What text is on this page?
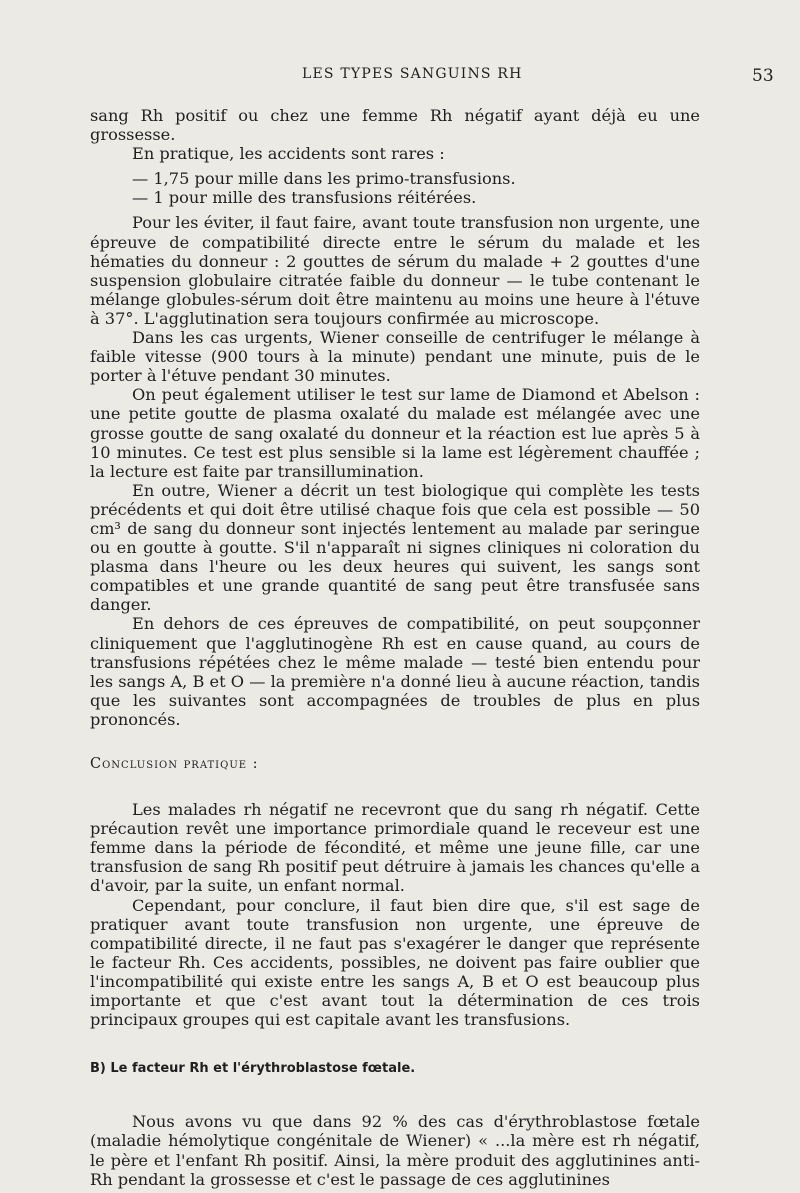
LES TYPES SANGUINS RH	53

sang Rh positif ou chez une femme Rh négatif ayant déjà eu une grossesse.

En pratique, les accidents sont rares :

— 1,75 pour mille dans les primo-transfusions.

— 1 pour mille des transfusions réitérées.

Pour les éviter, il faut faire, avant toute transfusion non urgente, une épreuve de compatibilité directe entre le sérum du malade et les hématies du donneur : 2 gouttes de sérum du malade + 2 gouttes d'une suspension globulaire citratée faible du donneur — le tube contenant le mélange globules-sérum doit être maintenu au moins une heure à l'étuve à 37°. L'agglutination sera toujours confirmée au microscope.

Dans les cas urgents, Wiener conseille de centrifuger le mélange à faible vitesse (900 tours à la minute) pendant une minute, puis de le porter à l'étuve pendant 30 minutes.

On peut également utiliser le test sur lame de Diamond et Abelson : une petite goutte de plasma oxalaté du malade est mélangée avec une grosse goutte de sang oxalaté du donneur et la réaction est lue après 5 à 10 minutes. Ce test est plus sensible si la lame est légèrement chauffée ; la lecture est faite par transillumination.

En outre, Wiener a décrit un test biologique qui complète les tests précédents et qui doit être utilisé chaque fois que cela est possible — 50 cm³ de sang du donneur sont injectés lentement au malade par seringue ou en goutte à goutte. S'il n'apparaît ni signes cliniques ni coloration du plasma dans l'heure ou les deux heures qui suivent, les sangs sont compatibles et une grande quantité de sang peut être transfusée sans danger.

En dehors de ces épreuves de compatibilité, on peut soupçonner cliniquement que l'agglutinogène Rh est en cause quand, au cours de transfusions répétées chez le même malade — testé bien entendu pour les sangs A, B et O — la première n'a donné lieu à aucune réaction, tandis que les suivantes sont accompagnées de troubles de plus en plus prononcés.

Conclusion pratique :

Les malades rh négatif ne recevront que du sang rh négatif. Cette précaution revêt une importance primordiale quand le receveur est une femme dans la période de fécondité, et même une jeune fille, car une transfusion de sang Rh positif peut détruire à jamais les chances qu'elle a d'avoir, par la suite, un enfant normal.

Cependant, pour conclure, il faut bien dire que, s'il est sage de pratiquer avant toute transfusion non urgente, une épreuve de compatibilité directe, il ne faut pas s'exagérer le danger que représente le facteur Rh. Ces accidents, possibles, ne doivent pas faire oublier que l'incompatibilité qui existe entre les sangs A, B et O est beaucoup plus importante et que c'est avant tout la détermination de ces trois principaux groupes qui est capitale avant les transfusions.

B) Le facteur Rh et l'érythroblastose fœtale.

Nous avons vu que dans 92 % des cas d'érythroblastose fœtale (maladie hémolytique congénitale de Wiener) « ...la mère est rh négatif, le père et l'enfant Rh positif. Ainsi, la mère produit des agglutinines anti-Rh pendant la grossesse et c'est le passage de ces agglutinines
